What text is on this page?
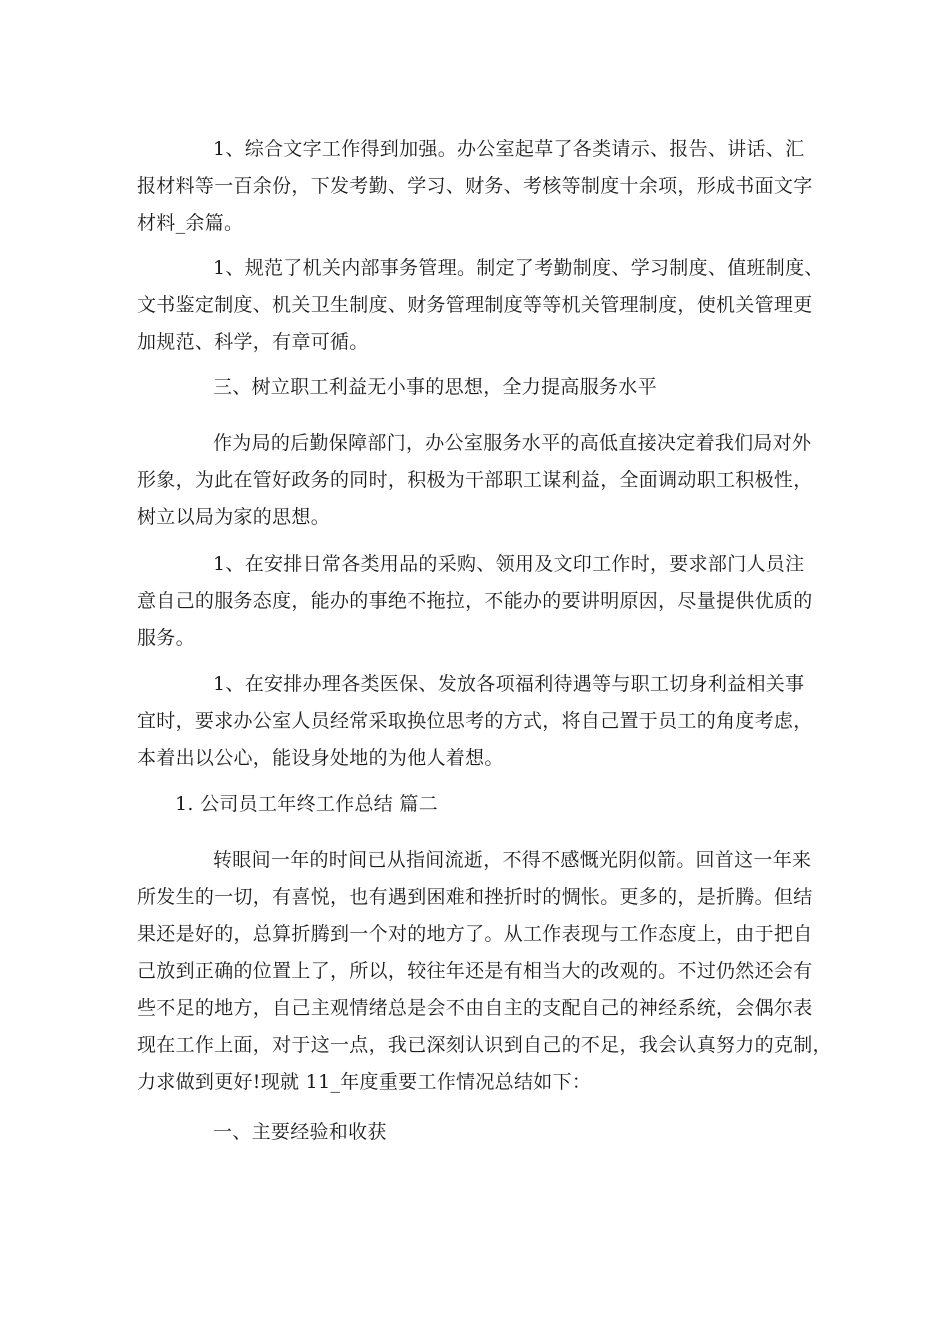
1、综合文字工作得到加强。办公室起草了各类请示、报告、讲话、汇
报材料等一百余份，下发考勤、学习、财务、考核等制度十余项，形成书面文字
材料_余篇。
1、规范了机关内部事务管理。制定了考勤制度、学习制度、值班制度、
文书鉴定制度、机关卫生制度、财务管理制度等等机关管理制度，使机关管理更
加规范、科学，有章可循。
三、树立职工利益无小事的思想，全力提高服务水平
作为局的后勤保障部门，办公室服务水平的高低直接决定着我们局对外
形象，为此在管好政务的同时，积极为干部职工谋利益，全面调动职工积极性，
树立以局为家的思想。
1、在安排日常各类用品的采购、领用及文印工作时，要求部门人员注
意自己的服务态度，能办的事绝不拖拉，不能办的要讲明原因，尽量提供优质的
服务。
1、在安排办理各类医保、发放各项福利待遇等与职工切身利益相关事
宜时，要求办公室人员经常采取换位思考的方式，将自己置于员工的角度考虑，
本着出以公心，能设身处地的为他人着想。
1. 公司员工年终工作总结 篇二
转眼间一年的时间已从指间流逝，不得不感慨光阴似箭。回首这一年来
所发生的一切，有喜悦，也有遇到困难和挫折时的惆怅。更多的，是折腾。但结
果还是好的，总算折腾到一个对的地方了。从工作表现与工作态度上，由于把自
己放到正确的位置上了，所以，较往年还是有相当大的改观的。不过仍然还会有
些不足的地方，自己主观情绪总是会不由自主的支配自己的神经系统，会偶尔表
现在工作上面，对于这一点，我已深刻认识到自己的不足，我会认真努力的克制，
力求做到更好!现就 11_年度重要工作情况总结如下：
一、主要经验和收获
